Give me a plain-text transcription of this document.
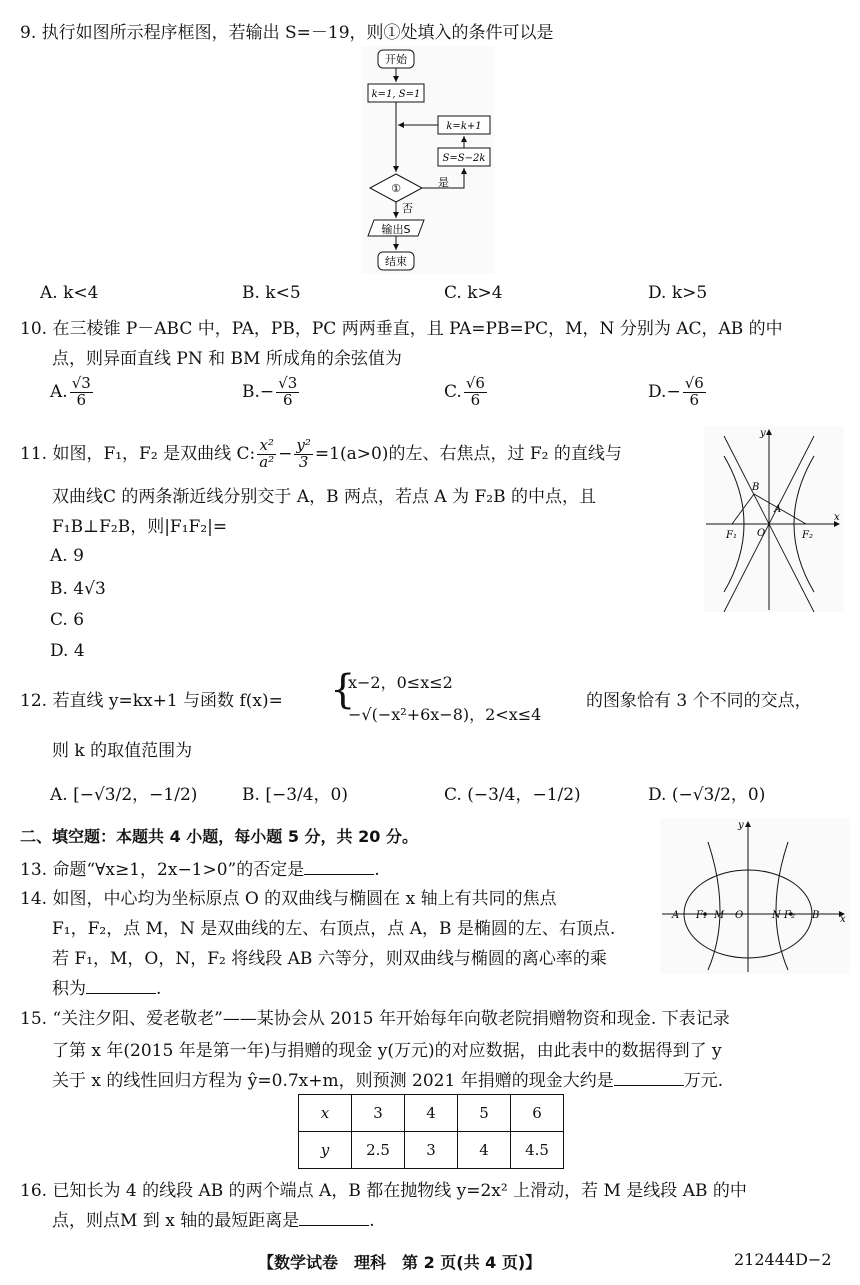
9. 执行如图所示程序框图，若输出 S=－19，则①处填入的条件可以是
开始
k=1, S=1
k=k+1
S=S−2k
①	是
否
输出S
结束
A. k<4	B. k<5	C. k>4	D. k>5
10. 在三棱锥 P－ABC 中，PA，PB，PC 两两垂直，且 PA=PB=PC，M，N 分别为 AC，AB 的中
点，则异面直线 PN 和 BM 所成角的余弦值为
A. $\frac{√3}{6}$	$B.- \frac{√3}{6}$	C. $\frac{√6}{6}$	$D.- \frac{√6}{6}$
11. 如图，F₁，F₂ 是双曲线 C: $\frac{\text{x²}}{\text{a²}} - \frac{\text{y²}}{3} =1(a>0)$的左、右焦点，过 F₂ 的直线与
双曲线C 的两条渐近线分别交于 A，B 两点，若点 A 为 F₂B 的中点，且
F₁B⊥F₂B，则|F₁F₂|=
A. 9
B. 4√3
C. 6
D. 4
x
y
B
A
O
F₁	F₂
12. 若直线 y=kx+1 与函数 f(x)= {
x−2，0≤x≤2
−√(−x²+6x−8)，2<x≤4
的图象恰有 3 个不同的交点，
则 k 的取值范围为
A. [−√3/2，−1/2)	B. [−3/4，0)	C. (−3/4，−1/2)	D. (−√3/2，0)
二、填空题：本题共 4 小题，每小题 5 分，共 20 分。
13. 命题“∀x≥1，2x−1>0”的否定是	.
14. 如图，中心均为坐标原点 O 的双曲线与椭圆在 x 轴上有共同的焦点
F₁，F₂，点 M，N 是双曲线的左、右顶点，点 A，B 是椭圆的左、右顶点.
若 F₁，M，O，N，F₂ 将线段 AB 六等分，则双曲线与椭圆的离心率的乘
积为	.
x
y
A F₁ M O	N F₂ B
15. “关注夕阳、爱老敬老”——某协会从 2015 年开始每年向敬老院捐赠物资和现金. 下表记录
了第 x 年(2015 年是第一年)与捐赠的现金 y(万元)的对应数据，由此表中的数据得到了 y
关于 x 的线性回归方程为 ŷ=0.7x+m，则预测 2021 年捐赠的现金大约是	万元.
x	3	4	5	6
y	2.5	3	4	4.5
16. 已知长为 4 的线段 AB 的两个端点 A，B 都在抛物线 y=2x² 上滑动，若 M 是线段 AB 的中
点，则点M 到 x 轴的最短距离是	.
【数学试卷　理科　第 2 页(共 4 页)】	212444D−2
